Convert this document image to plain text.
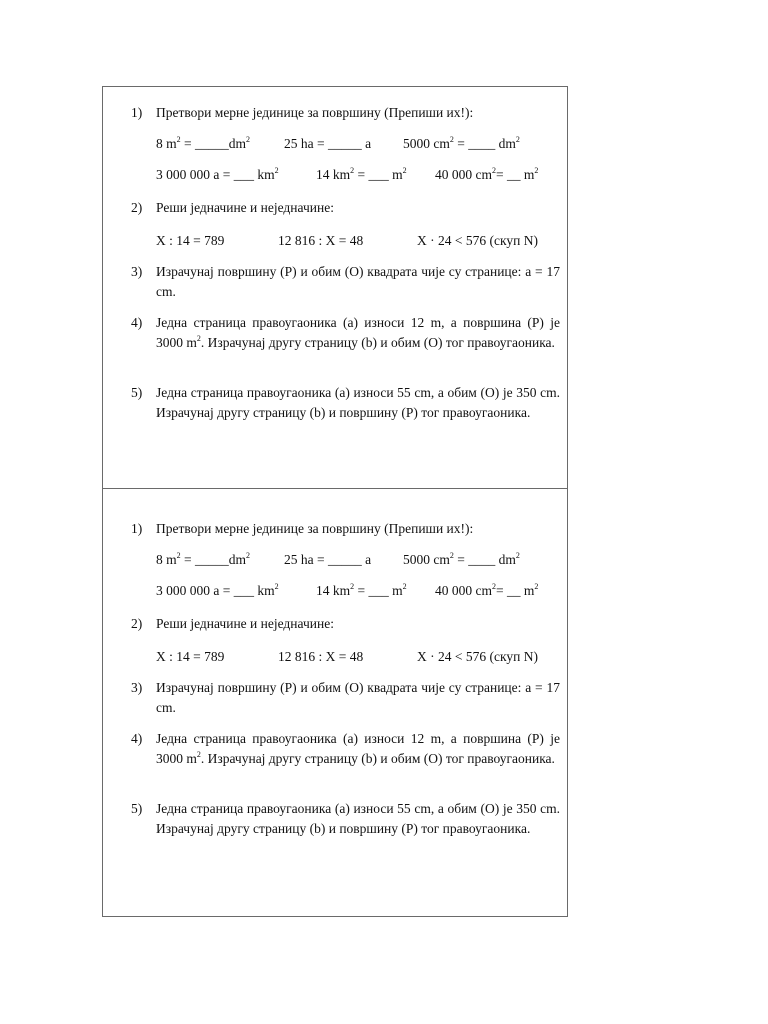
1) Претвори мерне јединице за површину (Препиши их!):
8 $m^2$ = $\_\_\_\_\_dm^2$	25 ha = _____ a 5000 $cm^2$ = ____ $dm^2$
3 000 000 a = ___ $km^2$	14 $km^2$ = ___ $m^2$ 40 000 $cm^2=$ __ $m^2$
2) Реши једначине и неједначине:
X : 14 = 789	12 816 : X = 48	X · 24 < 576 (скуп N)
3) Израчунај површину (P) и обим (O) квадрата чије су странице: a = 17 cm.
4) Једна страница правоугаоника (a) износи 12 m, а површина (P) је 3000 $m^2$. Израчунај другу страницу (b) и обим (O) тог правоугаоника.
5) Једна страница правоугаоника (a) износи 55 cm, а обим (O) је 350 cm. Израчунај другу страницу (b) и површину (P) тог правоугаоника.
1) Претвори мерне јединице за површину (Препиши их!):
8 $m^2$ = $\_\_\_\_\_dm^2$	25 ha = _____ a 5000 $cm^2$ = ____ $dm^2$
3 000 000 a = ___ $km^2$	14 $km^2$ = ___ $m^2$ 40 000 $cm^2=$ __ $m^2$
2) Реши једначине и неједначине:
X : 14 = 789	12 816 : X = 48	X · 24 < 576 (скуп N)
3) Израчунај површину (P) и обим (O) квадрата чије су странице: a = 17 cm.
4) Једна страница правоугаоника (a) износи 12 m, а површина (P) је 3000 $m^2$. Израчунај другу страницу (b) и обим (O) тог правоугаоника.
5) Једна страница правоугаоника (a) износи 55 cm, а обим (O) је 350 cm. Израчунај другу страницу (b) и површину (P) тог правоугаоника.
